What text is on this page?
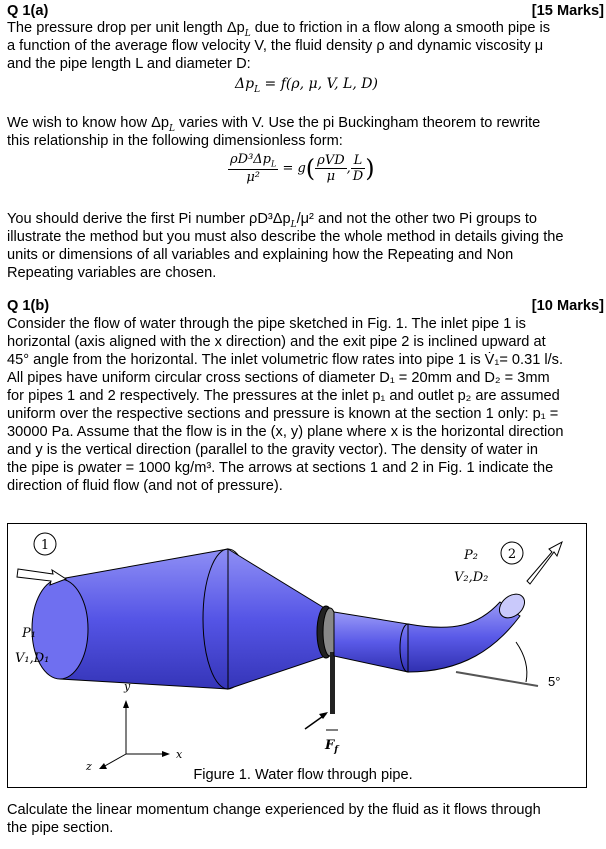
Q 1(a)	[15 Marks]
The pressure drop per unit length $\Delta p_L$ due to friction in a flow along a smooth pipe is
a function of the average flow velocity V, the fluid density ρ and dynamic viscosity μ
and the pipe length L and diameter D:
$\Delta p_L = f(\rho$, μ, V, L, D)
We wish to know how $\Delta p_L$ varies with V. Use the pi Buckingham theorem to rewrite
this relationship in the following dimensionless form:
$\frac{\rho D^3\Delta p_L}{\text{μ²}} = g( \frac{\text{ρVD}}{\mu}$ , $\frac{L}{D}$ )
You should derive the first Pi number $\rho D^3\Delta p_L/\mu^2$ and not the other two Pi groups to
illustrate the method but you must also describe the whole method in details giving the
units or dimensions of all variables and explaining how the Repeating and Non
Repeating variables are chosen.
Q 1(b)	[10 Marks]
Consider the flow of water through the pipe sketched in Fig. 1. The inlet pipe 1 is
horizontal (axis aligned with the x direction) and the exit pipe 2 is inclined upward at
45° angle from the horizontal. The inlet volumetric flow rates into pipe 1 is V̇₁= 0.31 l/s.
All pipes have uniform circular cross sections of diameter D₁ = 20mm and D₂ = 3mm
for pipes 1 and 2 respectively. The pressures at the inlet p₁ and outlet p₂ are assumed
uniform over the respective sections and pressure is known at the section 1 only: p₁ =
30000 Pa. Assume that the flow is in the (x, y) plane where x is the horizontal direction
and y is the vertical direction (parallel to the gravity vector). The density of water in
the pipe is ρwater = 1000 kg/m³. The arrows at sections 1 and 2 in Fig. 1 indicate the
direction of fluid flow (and not of pressure).
1
2
P₁
V₁,D₁
P₂
V₂,D₂
5°
$F_f$
y
x
z
Figure 1. Water flow through pipe.
Calculate the linear momentum change experienced by the fluid as it flows through
the pipe section.
